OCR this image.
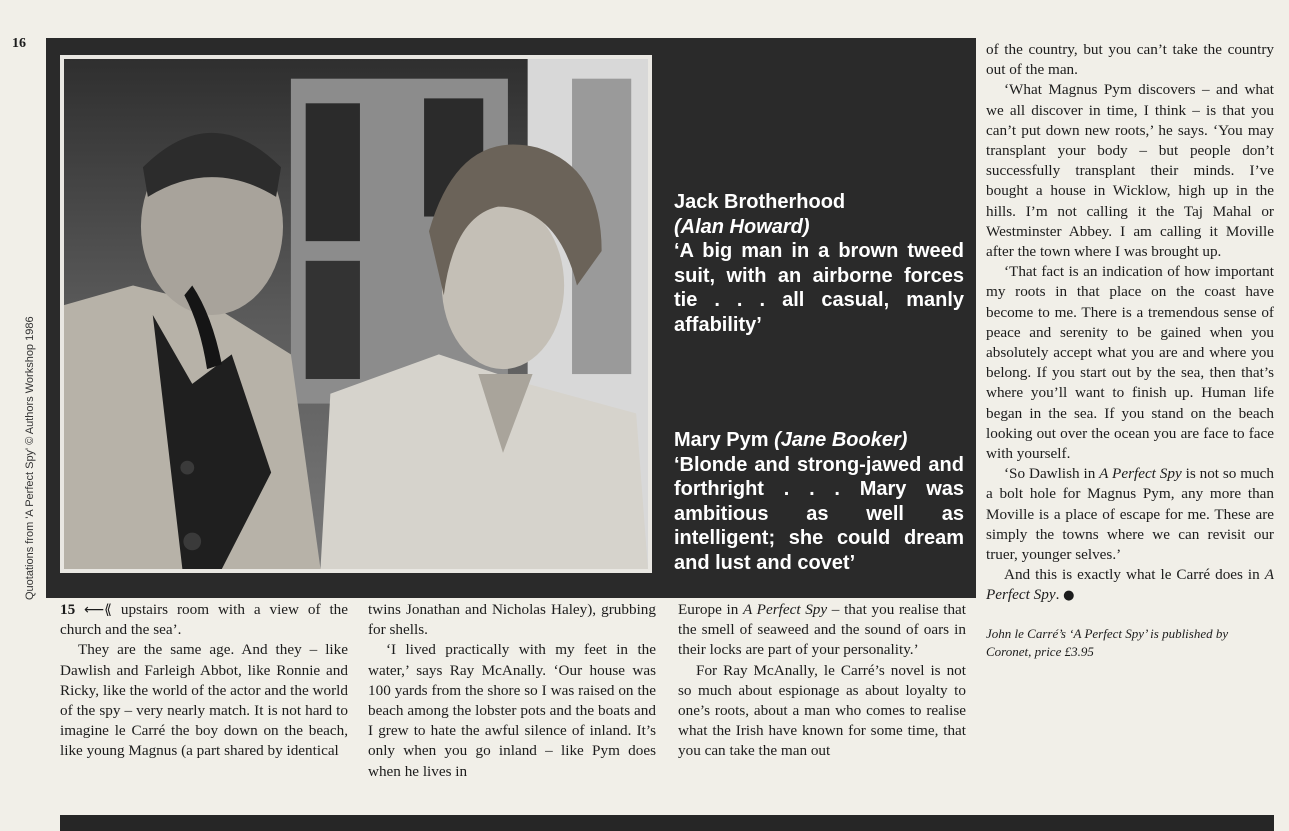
16
Quotations from 'A Perfect Spy' © Authors Workshop 1986
Jack Brotherhood
(Alan Howard)
‘A big man in a brown tweed suit, with an airborne forces tie . . . all casual, manly affability’
Mary Pym (Jane Booker)
‘Blonde and strong-jawed and forthright . . . Mary was ambitious as well as intelligent; she could dream and lust and covet’

15 ⟵⟪ upstairs room with a view of the church and the sea’.

They are the same age. And they – like Dawlish and Farleigh Abbot, like Ronnie and Ricky, like the world of the actor and the world of the spy – very nearly match. It is not hard to imagine le Carré the boy down on the beach, like young Magnus (a part shared by identical

twins Jonathan and Nicholas Haley), grubbing for shells.

‘I lived practically with my feet in the water,’ says Ray McAnally. ‘Our house was 100 yards from the shore so I was raised on the beach among the lobster pots and the boats and I grew to hate the awful silence of inland. It’s only when you go inland – like Pym does when he lives in

Europe in A Perfect Spy – that you realise that the smell of seaweed and the sound of oars in their locks are part of your personality.’

For Ray McAnally, le Carré’s novel is not so much about espionage as about loyalty to one’s roots, about a man who comes to realise what the Irish have known for some time, that you can take the man out

of the country, but you can’t take the country out of the man.

‘What Magnus Pym discovers – and what we all discover in time, I think – is that you can’t put down new roots,’ he says. ‘You may transplant your body – but people don’t successfully transplant their minds. I’ve bought a house in Wicklow, high up in the hills. I’m not calling it the Taj Mahal or Westminster Abbey. I am calling it Moville after the town where I was brought up.

‘That fact is an indication of how important my roots in that place on the coast have become to me. There is a tremendous sense of peace and serenity to be gained when you absolutely accept what you are and where you belong. If you start out by the sea, then that’s where you’ll want to finish up. Human life began in the sea. If you stand on the beach looking out over the ocean you are face to face with yourself.

‘So Dawlish in A Perfect Spy is not so much a bolt hole for Magnus Pym, any more than Moville is a place of escape for me. These are simply the towns where we can revisit our truer, younger selves.’

And this is exactly what le Carré does in A Perfect Spy. ●

John le Carré’s ‘A Perfect Spy’ is published by Coronet, price £3.95
